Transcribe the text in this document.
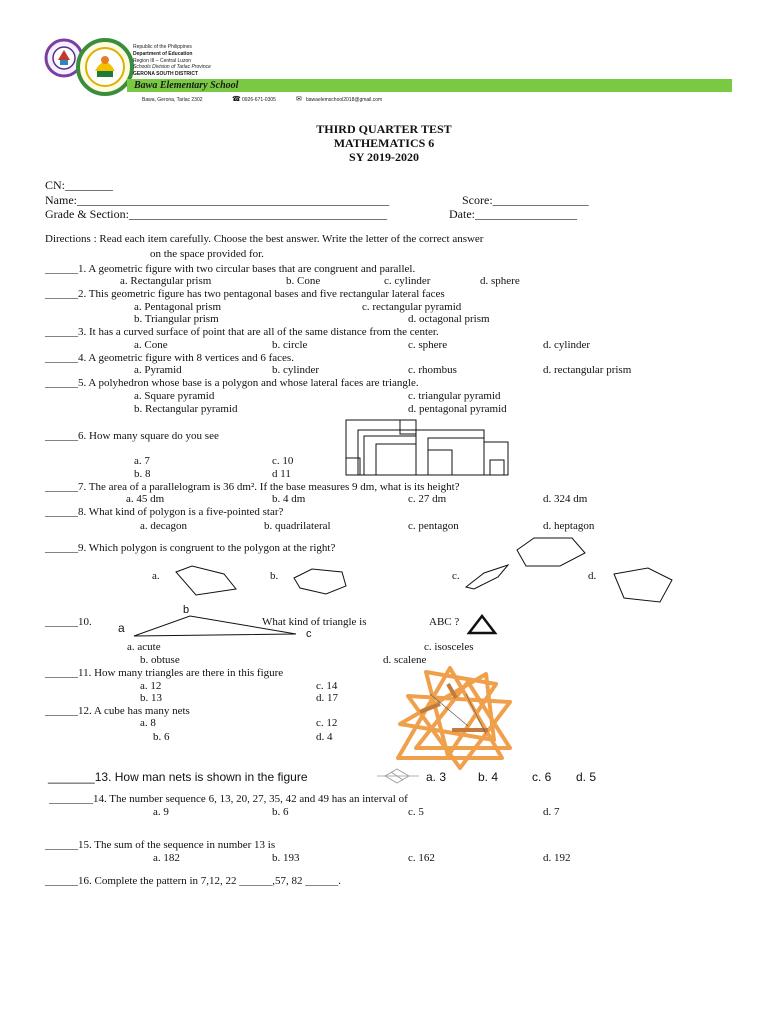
Republic of the Philippines
Department of Education
Region III – Central Luzon
Schools Division of Tarlac Province
GERONA SOUTH DISTRICT
Bawa Elementary School
Bawa, Gerona, Tarlac 2302	☎ 0926-671-0305	✉ bawaelemschool2018@gmail.com
THIRD QUARTER TEST
MATHEMATICS 6
SY 2019-2020
CN:________
Name:____________________________________________________	Score:________________
Grade & Section:___________________________________________	Date:_________________
Directions : Read each item carefully. Choose the best answer. Write the letter of the correct answer
on the space provided for.
______1. A geometric figure with two circular bases that are congruent and parallel.
a. Rectangular prism	b. Cone	c. cylinder	d. sphere
______2. This geometric figure has two pentagonal bases and five rectangular lateral faces
a. Pentagonal prism	c. rectangular pyramid
b. Triangular prism	d. octagonal prism
______3. It has a curved surface of point that are all of the same distance from the center.
a. Cone	b. circle	c. sphere	d. cylinder
______4. A geometric figure with 8 vertices and 6 faces.
a. Pyramid	b. cylinder	c. rhombus	d. rectangular prism
______5. A polyhedron whose base is a polygon and whose lateral faces are triangle.
a. Square pyramid	c. triangular pyramid
b. Rectangular pyramid	d. pentagonal pyramid
______6. How many square do you see
a. 7	c. 10
b. 8	d 11
______7. The area of a parallelogram is 36 dm². If the base measures 9 dm, what is its height?
a. 45 dm	b. 4 dm	c. 27 dm	d. 324 dm
______8. What kind of polygon is a five-pointed star?
a. decagon	b. quadrilateral	c. pentagon	d. heptagon
______9. Which polygon is congruent to the polygon at the right?
a.	b.	c.	d.
______10. a
b
c
What kind of triangle is	ABC ?
a. acute	c. isosceles
b. obtuse	d. scalene
______11. How many triangles are there in this figure
a. 12	c. 14
b. 13	d. 17
______12. A cube has many nets
a. 8	c. 12
b. 6	d. 4
_______13. How man nets is shown in the figure	a. 3	b. 4	c. 6 d. 5
________14. The number sequence 6, 13, 20, 27, 35, 42 and 49 has an interval of
a. 9	b. 6	c. 5	d. 7
______15. The sum of the sequence in number 13 is
a. 182	b. 193	c. 162	d. 192
______16. Complete the pattern in 7,12, 22 ______,57, 82 ______.
